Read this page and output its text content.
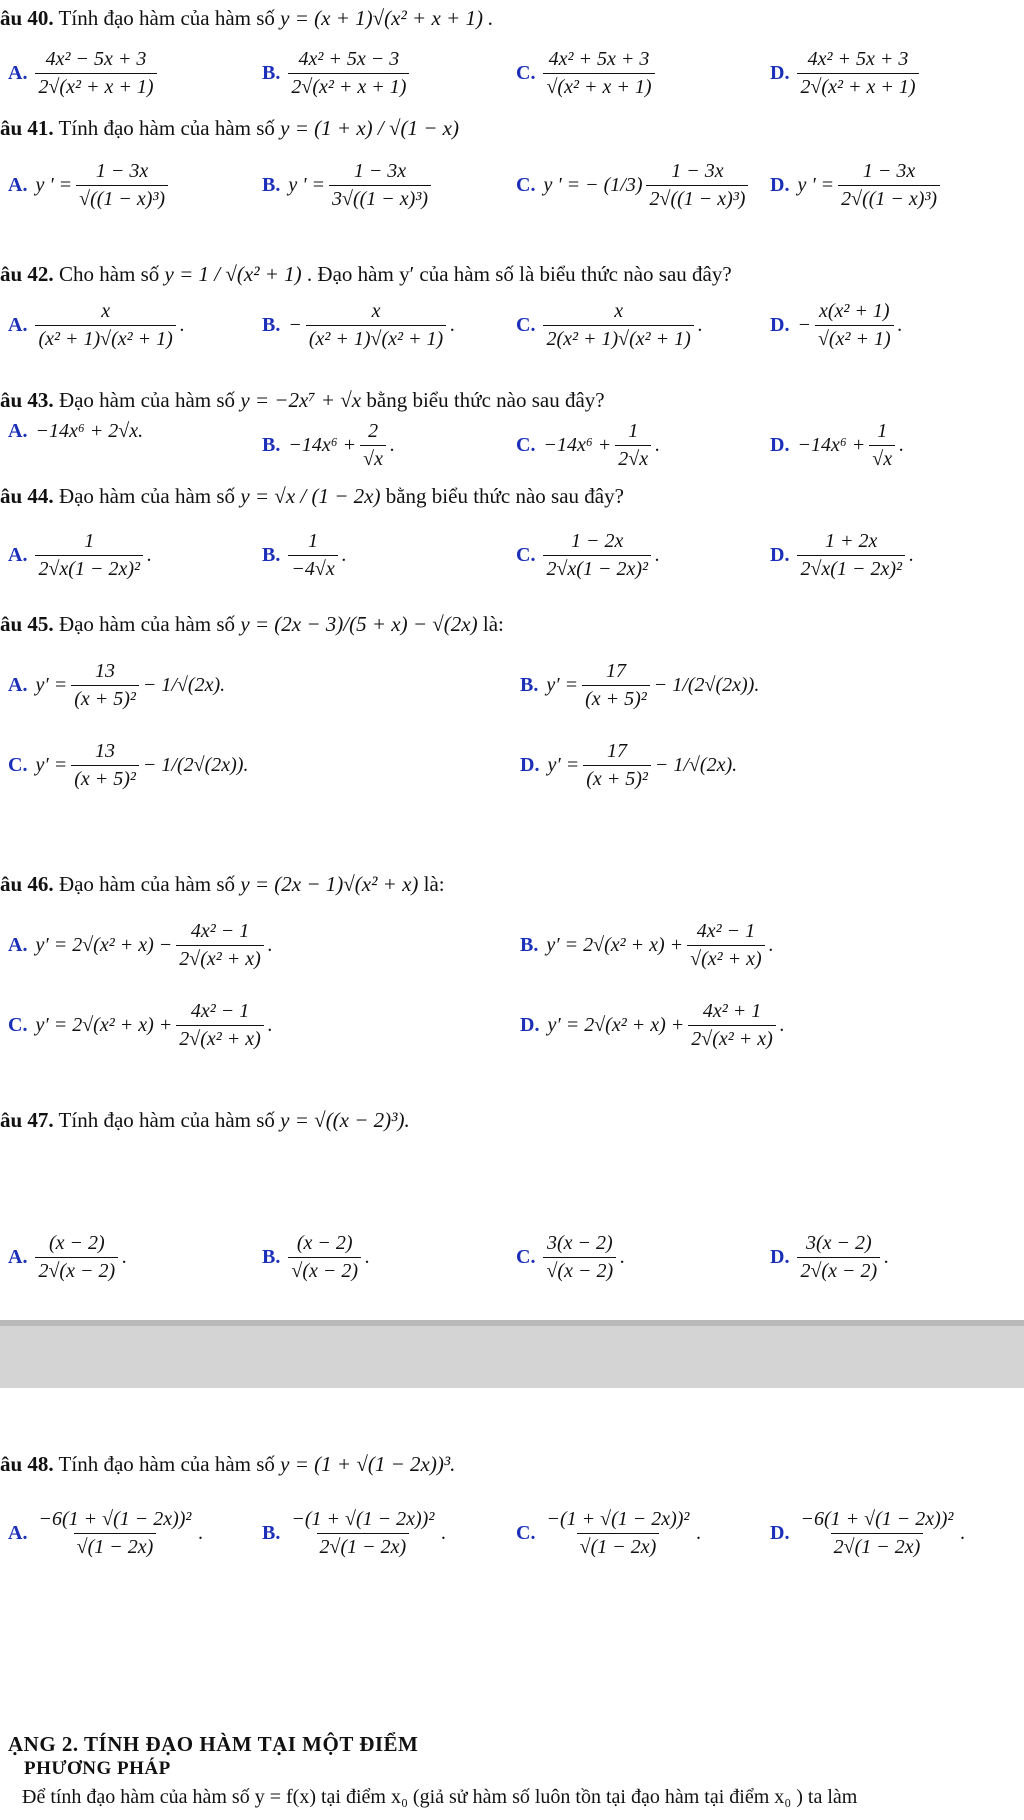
âu 40. Tính đạo hàm của hàm số y = (x + 1)√(x² + x + 1) .
A. $\frac{\text{4x² − 5x + 3}}{\text{2√(x² + x + 1)}}$	B. $\frac{\text{4x² + 5x − 3}}{\text{2√(x² + x + 1)}}$	C. $\frac{\text{4x² + 5x + 3}}{\text{√(x² + x + 1)}}$	D. $\frac{\text{4x² + 5x + 3}}{\text{2√(x² + x + 1)}}$
âu 41. Tính đạo hàm của hàm số y = (1 + x) / √(1 − x)
A. y ' = $\frac{1 - 3x}{\text{√((1 − x)³)}}$	B. y ' = $\frac{1 - 3x}{\text{3√((1 − x)³)}}$	C. y ' = − $(1/3) \frac{1 - 3x}{\text{2√((1 − x)³)}} D$. y ' = $\frac{1 - 3x}{\text{2√((1 − x)³)}}$
âu 42. Cho hàm số y = 1 / √(x² + 1) . Đạo hàm y′ của hàm số là biểu thức nào sau đây?
A. $\frac{x}{\text{(x² + 1)√(x² + 1)}}$ .	B. − $\frac{x}{\text{(x² + 1)√(x² + 1)}}$ .	C. $\frac{x}{\text{2(x² + 1)√(x² + 1)}}$ .	D. − $\frac{\text{x(x² + 1)}}{\text{√(x² + 1)}}$ .
âu 43. Đạo hàm của hàm số y = −2x⁷ + √x bằng biểu thức nào sau đây?
A. −14x⁶ + 2√x.
B. $-14x^6 + \frac{2}{√x}$ .	C. $-14x^6 + \frac{1}{2√x}$ .	D. $-14x^6 + \frac{1}{√x}$ .
âu 44. Đạo hàm của hàm số y = √x / (1 − 2x) bằng biểu thức nào sau đây?
A. $\frac{1}{\text{2√x(1 − 2x)²}}$ .	B. $\frac{1}{-4√x}$ .	C. $\frac{1 - 2x}{\text{2√x(1 − 2x)²}}$ .	D. $\frac{1 + 2x}{\text{2√x(1 − 2x)²}}$ .
âu 45. Đạo hàm của hàm số y = (2x − 3)/(5 + x) − √(2x) là:
A. $y' = \frac{13}{\text{(x + 5)²}} - 1/√(2x)$.	B. $y' = \frac{17}{\text{(x + 5)²}} - 1/(2√(2x))$.
C. $y' = \frac{13}{\text{(x + 5)²}} - 1/(2√(2x))$.	D. $y' = \frac{17}{\text{(x + 5)²}} - 1/√(2x)$.
âu 46. Đạo hàm của hàm số y = (2x − 1)√(x² + x) là:
A. $y' = 2√(x^2 + x) - \frac{\text{4x² − 1}}{\text{2√(x² + x)}}$ .	B. $y' = 2√(x^2 + x) + \frac{\text{4x² − 1}}{\text{√(x² + x)}}$ .
C. $y' = 2√(x^2 + x) + \frac{\text{4x² − 1}}{\text{2√(x² + x)}}$ .	D. $y' = 2√(x^2 + x) + \frac{\text{4x² + 1}}{\text{2√(x² + x)}}$ .
âu 47. Tính đạo hàm của hàm số y = √((x − 2)³).
A. $\frac{(x - 2)}{2√(x - 2)}$ .	B. $\frac{(x - 2)}{√(x - 2)}$ .	C. $\frac{3(x - 2)}{√(x - 2)}$ .	D. $\frac{3(x - 2)}{2√(x - 2)}$ .
âu 48. Tính đạo hàm của hàm số y = (1 + √(1 − 2x))³.
A. $\frac{\text{−6(1 + √(1 − 2x))²}}{√(1 - 2x)}$ .	B. $\frac{\text{−(1 + √(1 − 2x))²}}{2√(1 - 2x)}$ .	C. $\frac{\text{−(1 + √(1 − 2x))²}}{√(1 - 2x)}$ .	D. $\frac{\text{−6(1 + √(1 − 2x))²}}{2√(1 - 2x)}$ .
ẠNG 2. TÍNH ĐẠO HÀM TẠI MỘT ĐIỂM
PHƯƠNG PHÁP
Để tính đạo hàm của hàm số y = f(x) tại điểm x₀ (giả sử hàm số luôn tồn tại đạo hàm tại điểm x₀ ) ta làm
